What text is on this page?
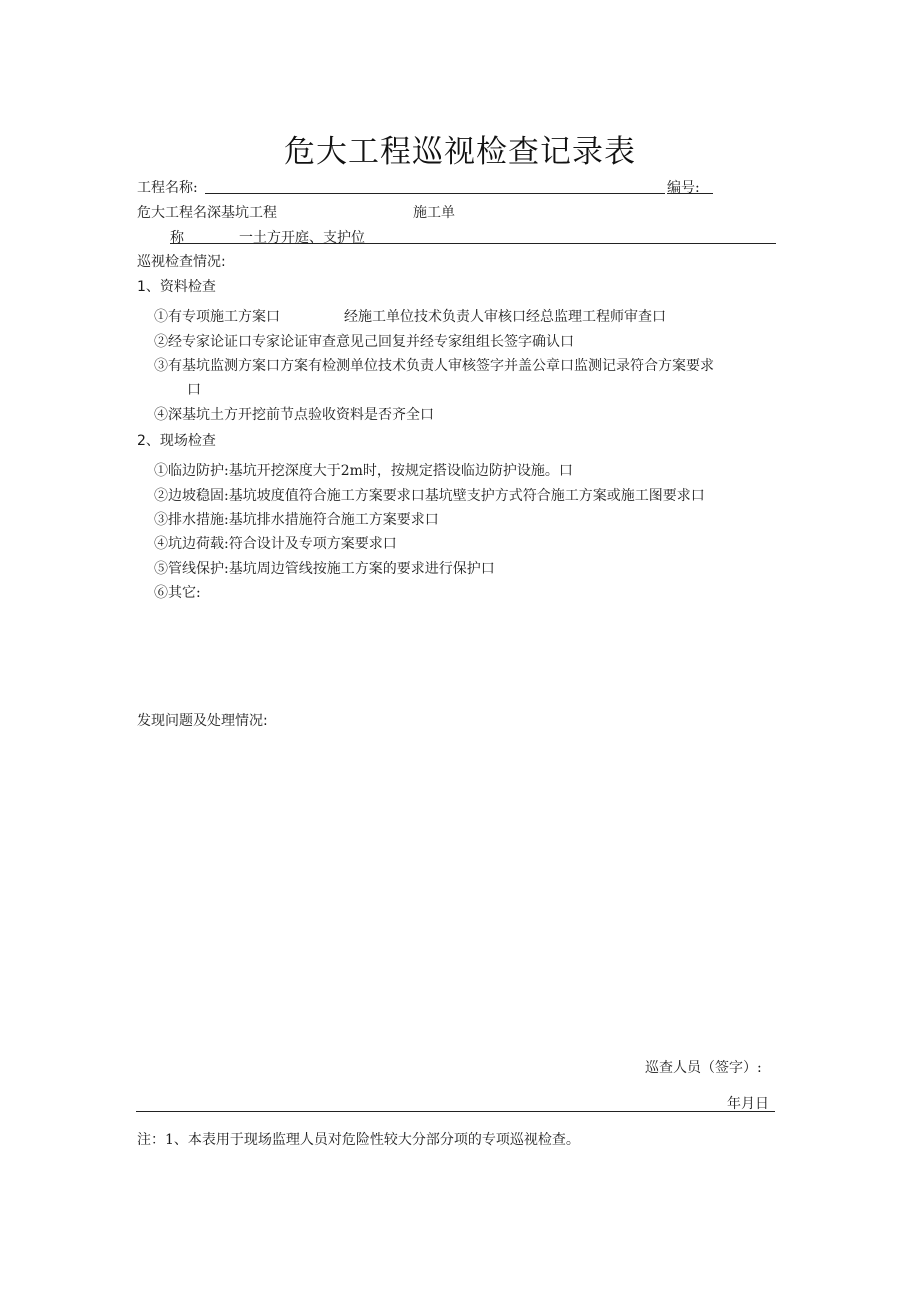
危大工程巡视检查记录表
工程名称:	编号:
危大工程名深基坑工程	施工单
称	一土方开庭、支护位
巡视检查情况:
1、资料检查
①有专项施工方案口	经施工单位技术负责人审核口经总监理工程师审查口
②经专家论证口专家论证审查意见己回复并经专家组组长签字确认口
③有基坑监测方案口方案有检测单位技术负责人审核签字并盖公章口监测记录符合方案要求
口
④深基坑土方开挖前节点验收资料是否齐全口
2、现场检查
①临边防护:基坑开挖深度大于2m时，按规定搭设临边防护设施。口
②边坡稳固:基坑坡度值符合施工方案要求口基坑壁支护方式符合施工方案或施工图要求口
③排水措施:基坑排水措施符合施工方案要求口
④坑边荷载:符合设计及专项方案要求口
⑤管线保护:基坑周边管线按施工方案的要求进行保护口
⑥其它:
发现问题及处理情况:
巡查人员（签字）:
年月日
注：1、本表用于现场监理人员对危险性较大分部分项的专项巡视检查。
